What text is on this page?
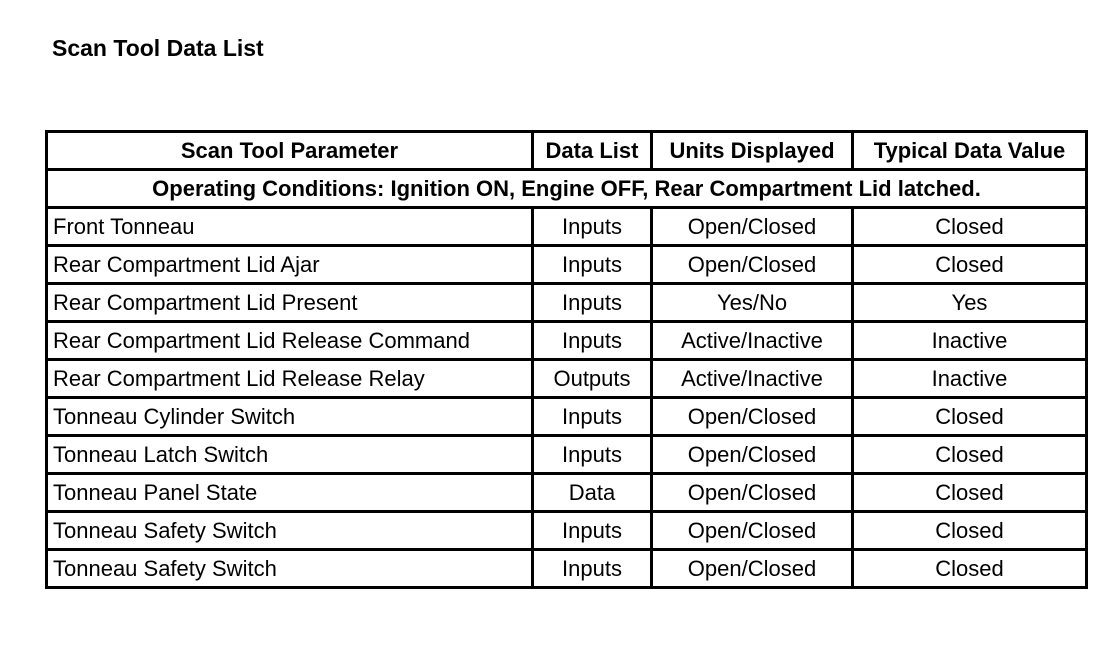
Scan Tool Data List
Scan Tool Parameter	Data List	Units Displayed	Typical Data Value
Operating Conditions: Ignition ON, Engine OFF, Rear Compartment Lid latched.			
Front Tonneau	Inputs	Open/Closed	Closed
Rear Compartment Lid Ajar	Inputs	Open/Closed	Closed
Rear Compartment Lid Present	Inputs	Yes/No	Yes
Rear Compartment Lid Release Command	Inputs	Active/Inactive	Inactive
Rear Compartment Lid Release Relay	Outputs	Active/Inactive	Inactive
Tonneau Cylinder Switch	Inputs	Open/Closed	Closed
Tonneau Latch Switch	Inputs	Open/Closed	Closed
Tonneau Panel State	Data	Open/Closed	Closed
Tonneau Safety Switch	Inputs	Open/Closed	Closed
Tonneau Safety Switch	Inputs	Open/Closed	Closed
